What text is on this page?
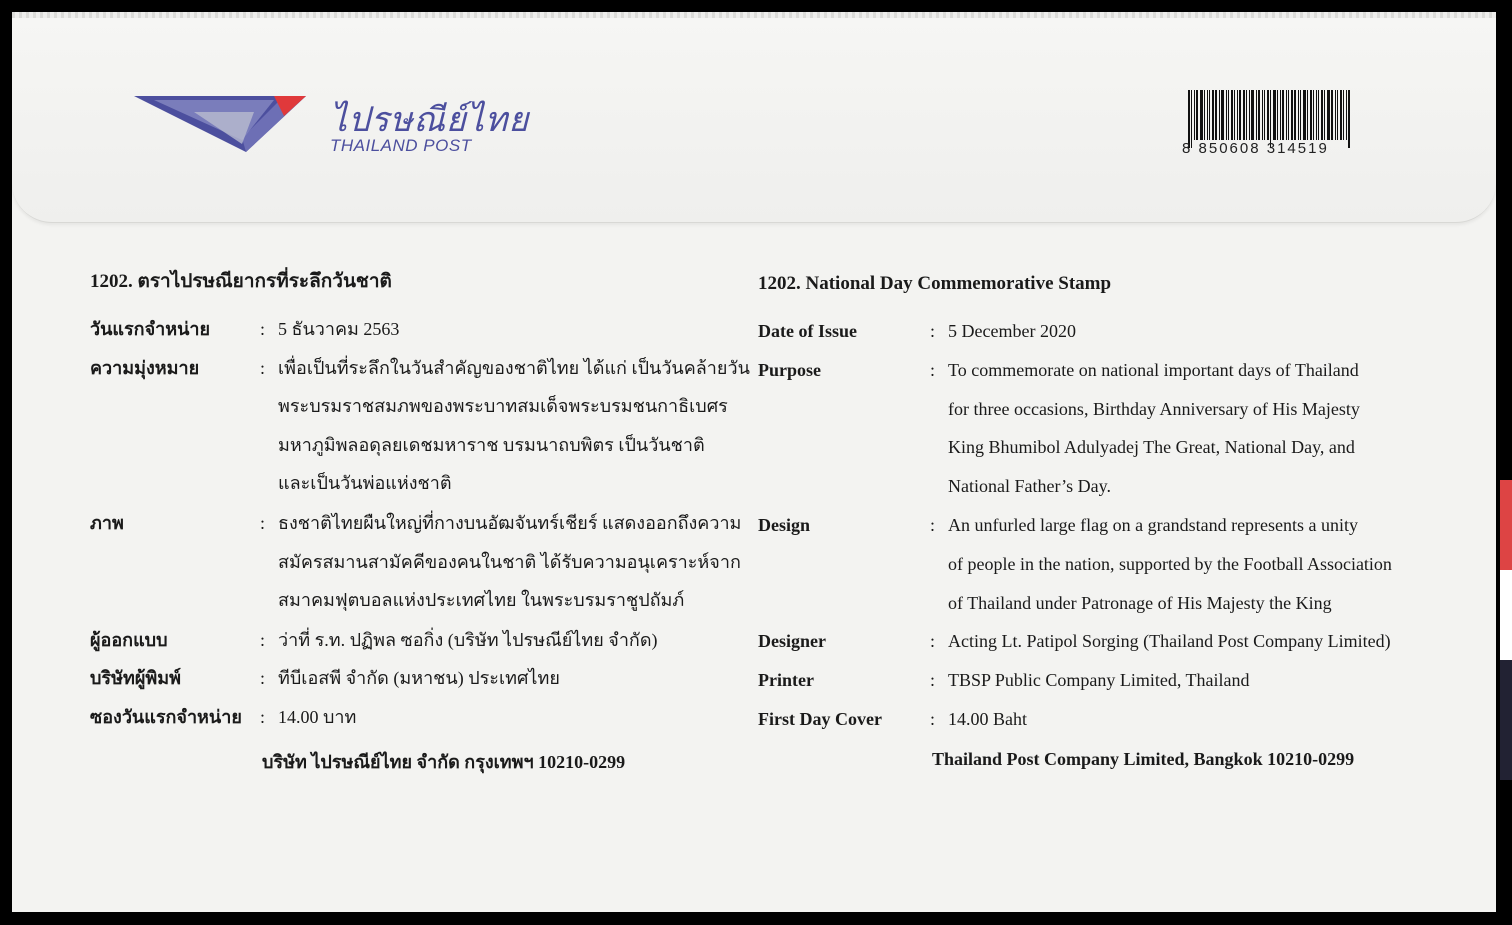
ไปรษณีย์ไทย
THAILAND POST	8 850608 314519
1202. ตราไปรษณียากรที่ระลึกวันชาติ
วันแรกจำหน่าย	: 5 ธันวาคม 2563
ความมุ่งหมาย	: เพื่อเป็นที่ระลึกในวันสำคัญของชาติไทย ได้แก่ เป็นวันคล้ายวัน
พระบรมราชสมภพของพระบาทสมเด็จพระบรมชนกาธิเบศร
มหาภูมิพลอดุลยเดชมหาราช บรมนาถบพิตร เป็นวันชาติ
และเป็นวันพ่อแห่งชาติ
ภาพ	: ธงชาติไทยผืนใหญ่ที่กางบนอัฒจันทร์เชียร์ แสดงออกถึงความ
สมัครสมานสามัคคีของคนในชาติ ได้รับความอนุเคราะห์จาก
สมาคมฟุตบอลแห่งประเทศไทย ในพระบรมราชูปถัมภ์
ผู้ออกแบบ	: ว่าที่ ร.ท. ปฏิพล ซอกิ่ง (บริษัท ไปรษณีย์ไทย จำกัด)
บริษัทผู้พิมพ์	: ทีบีเอสพี จำกัด (มหาชน) ประเทศไทย
ซองวันแรกจำหน่าย	: 14.00 บาท
บริษัท ไปรษณีย์ไทย จำกัด กรุงเทพฯ 10210-0299
1202. National Day Commemorative Stamp
Date of Issue	: 5 December 2020
Purpose	: To commemorate on national important days of Thailand
for three occasions, Birthday Anniversary of His Majesty
King Bhumibol Adulyadej The Great, National Day, and
National Father’s Day.
Design	: An unfurled large flag on a grandstand represents a unity
of people in the nation, supported by the Football Association
of Thailand under Patronage of His Majesty the King
Designer	: Acting Lt. Patipol Sorging (Thailand Post Company Limited)
Printer	: TBSP Public Company Limited, Thailand
First Day Cover	: 14.00 Baht
Thailand Post Company Limited, Bangkok 10210-0299
